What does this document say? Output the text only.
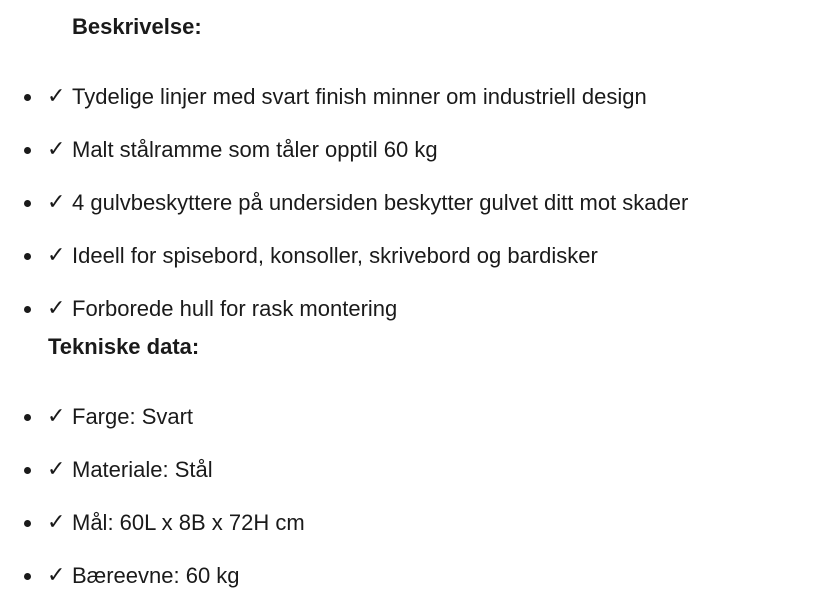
Beskrivelse:
✓ Tydelige linjer med svart finish minner om industriell design
✓ Malt stålramme som tåler opptil 60 kg
✓ 4 gulvbeskyttere på undersiden beskytter gulvet ditt mot skader
✓ Ideell for spisebord, konsoller, skrivebord og bardisker
✓ Forborede hull for rask montering
Tekniske data:
✓ Farge: Svart
✓ Materiale: Stål
✓ Mål: 60L x 8B x 72H cm
✓ Bæreevne: 60 kg
